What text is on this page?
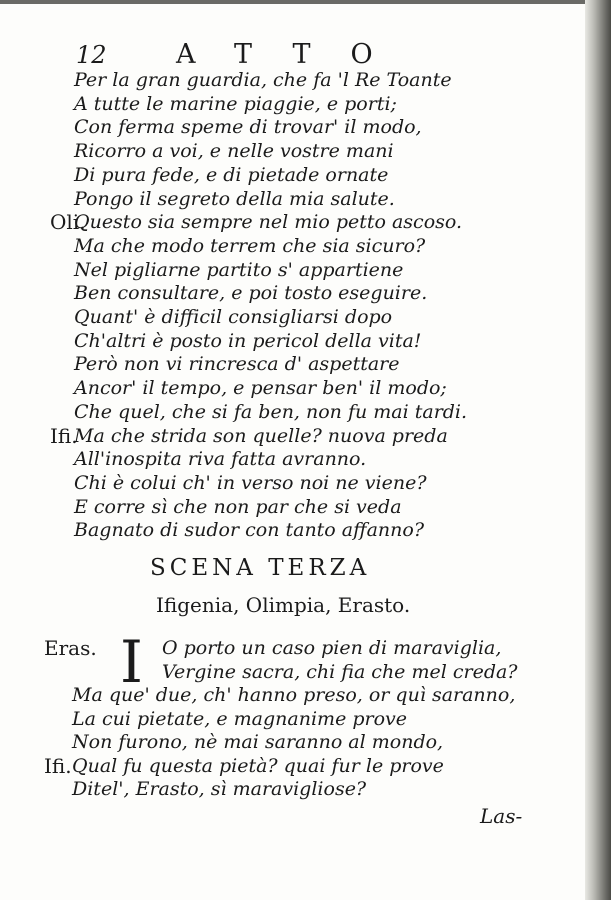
12	ATTO
Per la gran guardia, che fa 'l Re Toante
A tutte le marine piaggie, e porti;
Con ferma speme di trovar' il modo,
Ricorro a voi, e nelle vostre mani
Di pura fede, e di pietade ornate
Pongo il segreto della mia salute.
Oli.
Questo sia sempre nel mio petto ascoso.
Ma che modo terrem che sia sicuro?
Nel pigliarne partito s' appartiene
Ben consultare, e poi tosto eseguire.
Quant' è difficil consigliarsi dopo
Ch'altri è posto in pericol della vita!
Però non vi rincresca d' aspettare
Ancor' il tempo, e pensar ben' il modo;
Che quel, che si fa ben, non fu mai tardi.
Ifi.
Ma che strida son quelle? nuova preda
All'inospita riva fatta avranno.
Chi è colui ch' in verso noi ne viene?
E corre sì che non par che si veda
Bagnato di sudor con tanto affanno?
SCENA TERZA
Ifigenia, Olimpia, Erasto.
I
Eras.	O porto un caso pien di maraviglia,
Vergine sacra, chi fia che mel creda?
Ma que' due, ch' hanno preso, or quì saranno,
La cui pietate, e magnanime prove
Non furono, nè mai saranno al mondo,
Ifi. Qual fu questa pietà? quai fur le prove
Ditel', Erasto, sì maravigliose?
Las-
